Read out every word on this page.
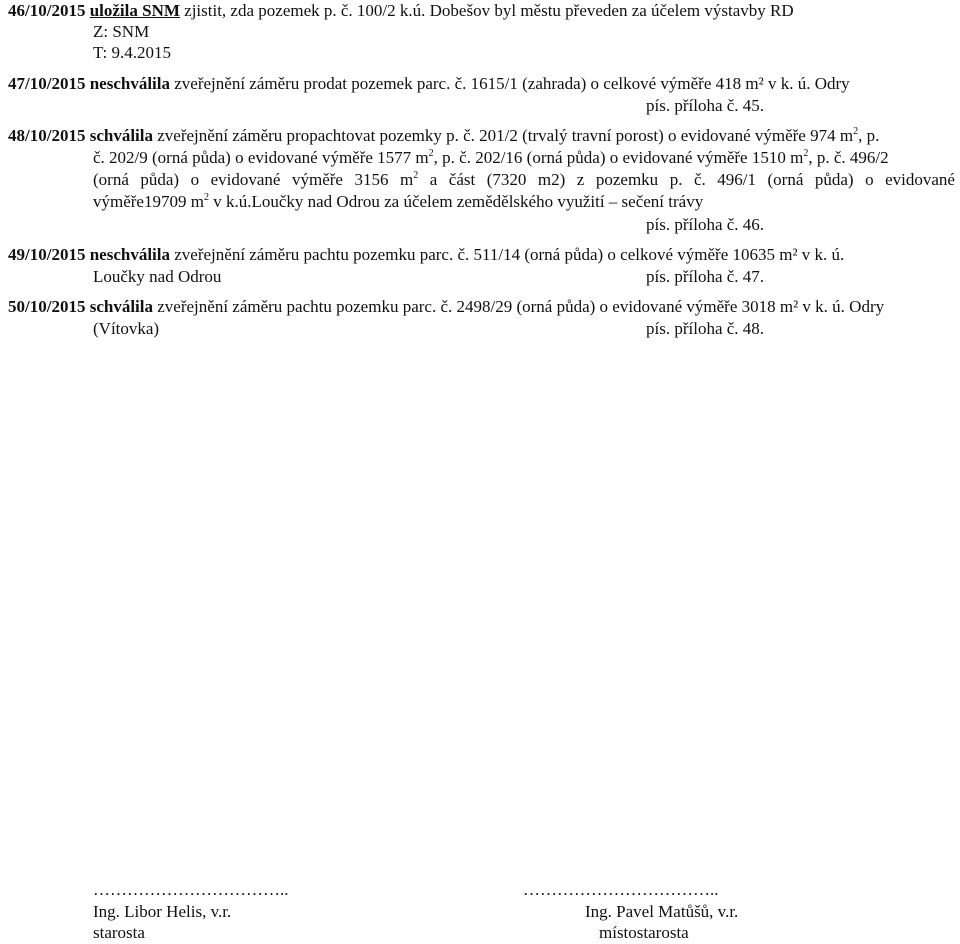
46/10/2015 uložila SNM zjistit, zda pozemek p. č. 100/2 k.ú. Dobešov byl městu převeden za účelem výstavby RD
Z: SNM
T: 9.4.2015
47/10/2015 neschválila zveřejnění záměru prodat pozemek parc. č. 1615/1 (zahrada) o celkové výměře 418 m² v k. ú. Odry
pís. příloha č. 45.
48/10/2015 schválila zveřejnění záměru propachtovat pozemky p. č. 201/2 (trvalý travní porost) o evidované výměře 974 $m^2$, p.
č. 202/9 (orná půda) o evidované výměře 1577 $m^2$, p. č. 202/16 (orná půda) o evidované výměře 1510 $m^2$, p. č. 496/2
(orná půda) o evidované výměře 3156 $m^2$ a část (7320 m2) z pozemku p. č. 496/1 (orná půda) o evidované
výměře19709 $m^2$ v k.ú.Loučky nad Odrou za účelem zemědělského využití – sečení trávy
pís. příloha č. 46.
49/10/2015 neschválila zveřejnění záměru pachtu pozemku parc. č. 511/14 (orná půda) o celkové výměře 10635 m² v k. ú.
Loučky nad Odrou	pís. příloha č. 47.
50/10/2015 schválila zveřejnění záměru pachtu pozemku parc. č. 2498/29 (orná půda) o evidované výměře 3018 m² v k. ú. Odry
(Vítovka)	pís. příloha č. 48.
……………………………..
Ing. Libor Helis, v.r.
starosta
……………………………..
Ing. Pavel Matůšů, v.r.
místostarosta
